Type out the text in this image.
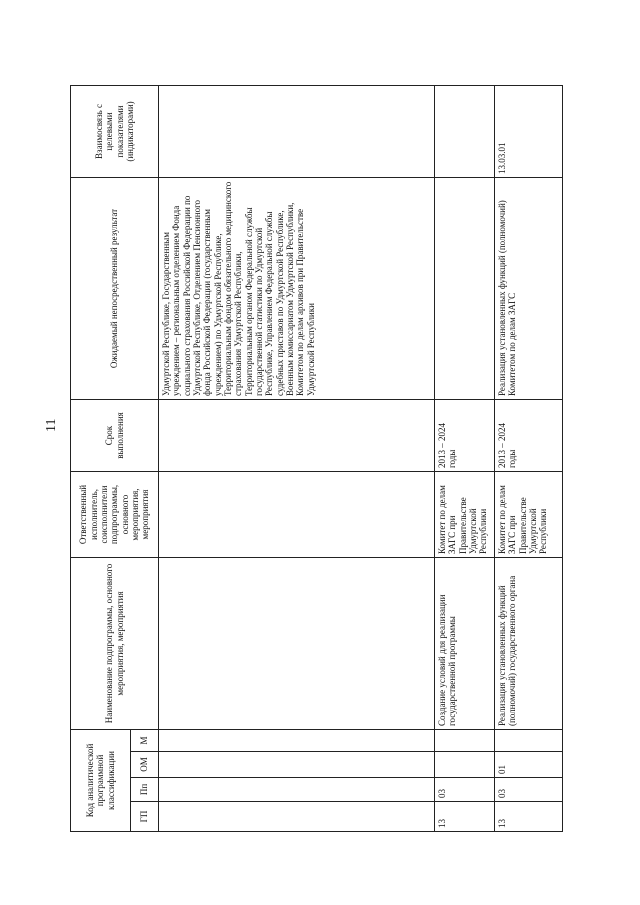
11
Код аналитической программной классификации				Наименование подпрограммы, основного мероприятия, мероприятия	Ответственный исполнитель, соисполнители подпрограммы, основного мероприятия, мероприятия	Срок выполнения	Ожидаемый непосредственный результат	Взаимосвязь с целевыми показателями (индикаторами)
ГП	Пп	ОМ	М					
							Удмуртской Республике, Государственным учреждением – региональным отделением Фонда социального страхования Российской Федерации по Удмуртской Республике, Отделением Пенсионного фонда Российской Федерации (государственным учреждением) по Удмуртской Республике, Территориальным фондом обязательного медицинского страхования Удмуртской Республики, Территориальным органом Федеральной службы государственной статистики по Удмуртской Республике, Управлением Федеральной службы судебных приставов по Удмуртской Республике, Военным комиссариатом Удмуртской Республики, Комитетом по делам архивов при Правительстве Удмуртской Республики	
13	03			Создание условий для реализации государственной программы	Комитет по делам ЗАГС при Правительстве Удмуртской Республики	2013 – 2024 годы		
13	03	01		Реализация установленных функций (полномочий) государственного органа	Комитет по делам ЗАГС при Правительстве Удмуртской Республики	2013 – 2024 годы	Реализация установленных функций (полномочий) Комитетом по делам ЗАГС	13.03.01
